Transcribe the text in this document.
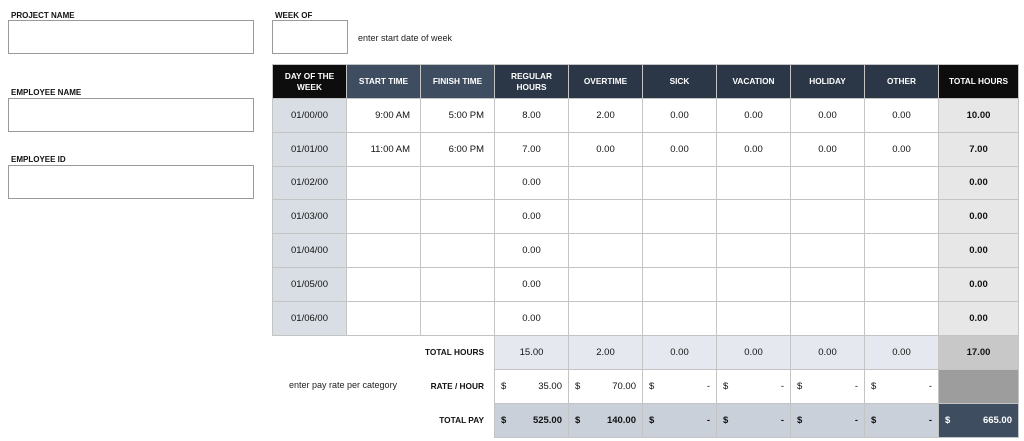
PROJECT NAME	WEEK OF
enter start date of week
EMPLOYEE NAME
EMPLOYEE ID
enter pay rate per category
DAY OF THE WEEK	START TIME	FINISH TIME	REGULAR HOURS	OVERTIME	SICK	VACATION	HOLIDAY	OTHER	TOTAL HOURS
01/00/00	9:00 AM	5:00 PM	8.00	2.00	0.00	0.00	0.00	0.00	10.00
01/01/00	11:00 AM	6:00 PM	7.00	0.00	0.00	0.00	0.00	0.00	7.00
01/02/00			0.00						0.00
01/03/00			0.00						0.00
01/04/00			0.00						0.00
01/05/00			0.00						0.00
01/06/00			0.00						0.00
		TOTAL HOURS	15.00	2.00	0.00	0.00	0.00	0.00	17.00
		RATE / HOUR	$ 35.00	$ 70.00	$ -	$ -	$ -	$ -	

		TOTAL PAY	$ 525.00	$ 140.00	$ -	$ -	$ -	$ -	$ 665.00
